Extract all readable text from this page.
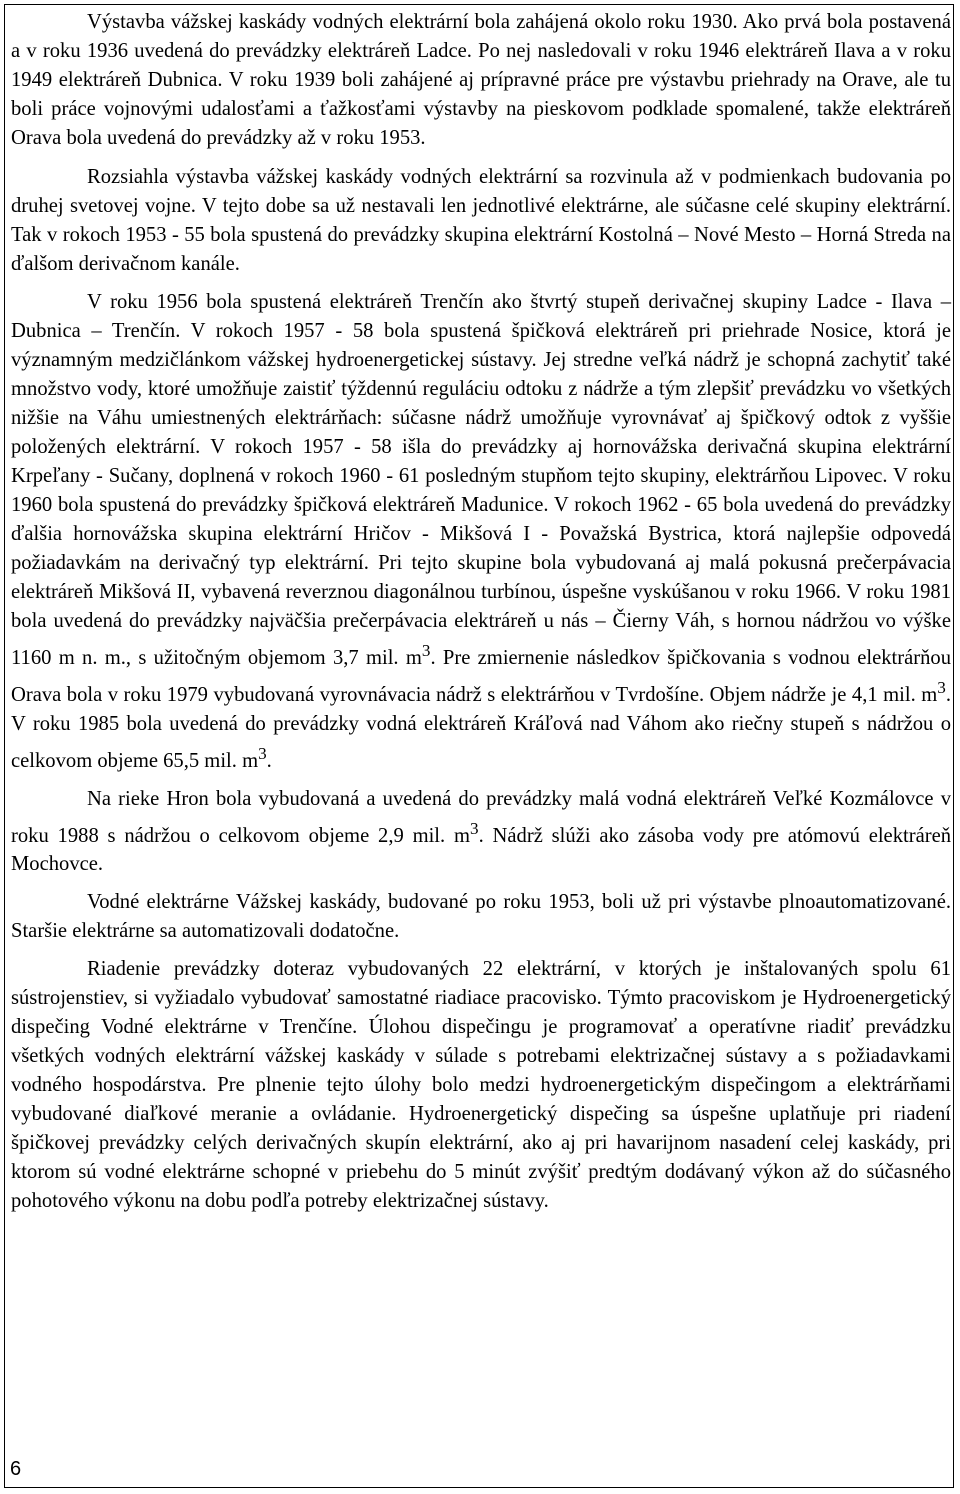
Výstavba vážskej kaskády vodných elektrární bola zahájená okolo roku 1930. Ako prvá bola postavená a v roku 1936 uvedená do prevádzky elektráreň Ladce. Po nej nasledovali v roku 1946 elektráreň Ilava a v roku 1949 elektráreň Dubnica. V roku 1939 boli zahájené aj prípravné práce pre výstavbu priehrady na Orave, ale tu boli práce vojnovými udalosťami a ťažkosťami výstavby na pieskovom podklade spomalené, takže elektráreň Orava bola uvedená do prevádzky až v roku 1953.

Rozsiahla výstavba vážskej kaskády vodných elektrární sa rozvinula až v podmienkach budovania po druhej svetovej vojne. V tejto dobe sa už nestavali len jednotlivé elektrárne, ale súčasne celé skupiny elektrární. Tak v rokoch 1953 - 55 bola spustená do prevádzky skupina elektrární Kostolná – Nové Mesto – Horná Streda na ďalšom derivačnom kanále.

V roku 1956 bola spustená elektráreň Trenčín ako štvrtý stupeň derivačnej skupiny Ladce - Ilava – Dubnica – Trenčín. V rokoch 1957 - 58 bola spustená špičková elektráreň pri priehrade Nosice, ktorá je významným medzičlánkom vážskej hydroenergetickej sústavy. Jej stredne veľká nádrž je schopná zachytiť také množstvo vody, ktoré umožňuje zaistiť týždennú reguláciu odtoku z nádrže a tým zlepšiť prevádzku vo všetkých nižšie na Váhu umiestnených elektrárňach: súčasne nádrž umožňuje vyrovnávať aj špičkový odtok z vyššie položených elektrární. V rokoch 1957 - 58 išla do prevádzky aj hornovážska derivačná skupina elektrární Krpeľany - Sučany, doplnená v rokoch 1960 - 61 posledným stupňom tejto skupiny, elektrárňou Lipovec. V roku 1960 bola spustená do prevádzky špičková elektráreň Madunice. V rokoch 1962 - 65 bola uvedená do prevádzky ďalšia hornovážska skupina elektrární Hričov - Mikšová I - Považská Bystrica, ktorá najlepšie odpovedá požiadavkám na derivačný typ elektrární. Pri tejto skupine bola vybudovaná aj malá pokusná prečerpávacia elektráreň Mikšová II, vybavená reverznou diagonálnou turbínou, úspešne vyskúšanou v roku 1966. V roku 1981 bola uvedená do prevádzky najväčšia prečerpávacia elektráreň u nás – Čierny Váh, s hornou nádržou vo výške 1160 m n. m., s užitočným objemom 3,7 mil. $m^3$. Pre zmiernenie následkov špičkovania s vodnou elektrárňou Orava bola v roku 1979 vybudovaná vyrovnávacia nádrž s elektrárňou v Tvrdošíne. Objem nádrže je 4,1 mil. $m^3$. V roku 1985 bola uvedená do prevádzky vodná elektráreň Kráľová nad Váhom ako riečny stupeň s nádržou o celkovom objeme 65,5 mil. $m^3$.

Na rieke Hron bola vybudovaná a uvedená do prevádzky malá vodná elektráreň Veľké Kozmálovce v roku 1988 s nádržou o celkovom objeme 2,9 mil. $m^3$. Nádrž slúži ako zásoba vody pre atómovú elektráreň Mochovce.

Vodné elektrárne Vážskej kaskády, budované po roku 1953, boli už pri výstavbe plnoautomatizované. Staršie elektrárne sa automatizovali dodatočne.

Riadenie prevádzky doteraz vybudovaných 22 elektrární, v ktorých je inštalovaných spolu 61 sústrojenstiev, si vyžiadalo vybudovať samostatné riadiace pracovisko. Týmto pracoviskom je Hydroenergetický dispečing Vodné elektrárne v Trenčíne. Úlohou dispečingu je programovať a operatívne riadiť prevádzku všetkých vodných elektrární vážskej kaskády v súlade s potrebami elektrizačnej sústavy a s požiadavkami vodného hospodárstva. Pre plnenie tejto úlohy bolo medzi hydroenergetickým dispečingom a elektrárňami vybudované diaľkové meranie a ovládanie. Hydroenergetický dispečing sa úspešne uplatňuje pri riadení špičkovej prevádzky celých derivačných skupín elektrární, ako aj pri havarijnom nasadení celej kaskády, pri ktorom sú vodné elektrárne schopné v priebehu do 5 minút zvýšiť predtým dodávaný výkon až do súčasného pohotového výkonu na dobu podľa potreby elektrizačnej sústavy.

6
